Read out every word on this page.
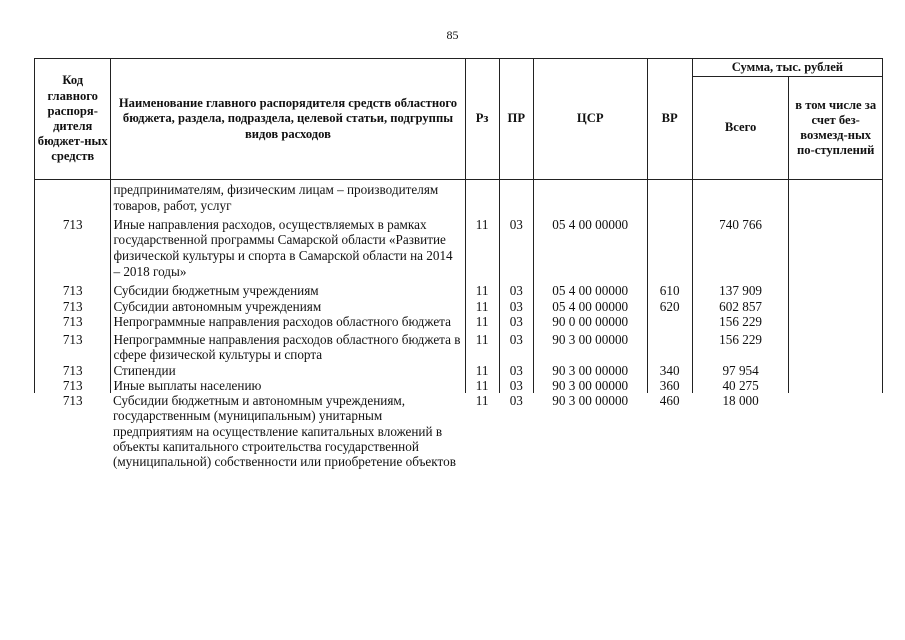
85
Код главного распоря-дителя бюджет-ных средств	Наименование главного распорядителя средств областного бюджета, раздела, подраздела, целевой статьи, подгруппы видов расходов	Рз	ПР	ЦСР	ВР	Сумма, тыс. рублей	
						Всего	в том числе за счет без-возмезд-ных по-ступлений
	предпринимателям, физическим лицам – производителям товаров, работ, услуг						
713	Иные направления расходов, осуществляемых в рамках государственной программы Самарской области «Развитие физической культуры и спорта в Самарской области на 2014 – 2018 годы»	11	03	05 4 00 00000		740 766	
713	Субсидии бюджетным учреждениям	11	03	05 4 00 00000	610	137 909	
713	Субсидии автономным учреждениям	11	03	05 4 00 00000	620	602 857	
713	Непрограммные направления расходов областного бюджета	11	03	90 0 00 00000		156 229	
713	Непрограммные направления расходов областного бюджета в сфере физической культуры и спорта	11	03	90 3 00 00000		156 229	
713	Стипендии	11	03	90 3 00 00000	340	97 954	
713	Иные выплаты населению	11	03	90 3 00 00000	360	40 275	
713	Субсидии бюджетным и автономным учреждениям, государственным (муниципальным) унитарным предприятиям на осуществление капитальных вложений в объекты капитального строительства государственной (муниципальной) собственности или приобретение объектов	11	03	90 3 00 00000	460	18 000	
